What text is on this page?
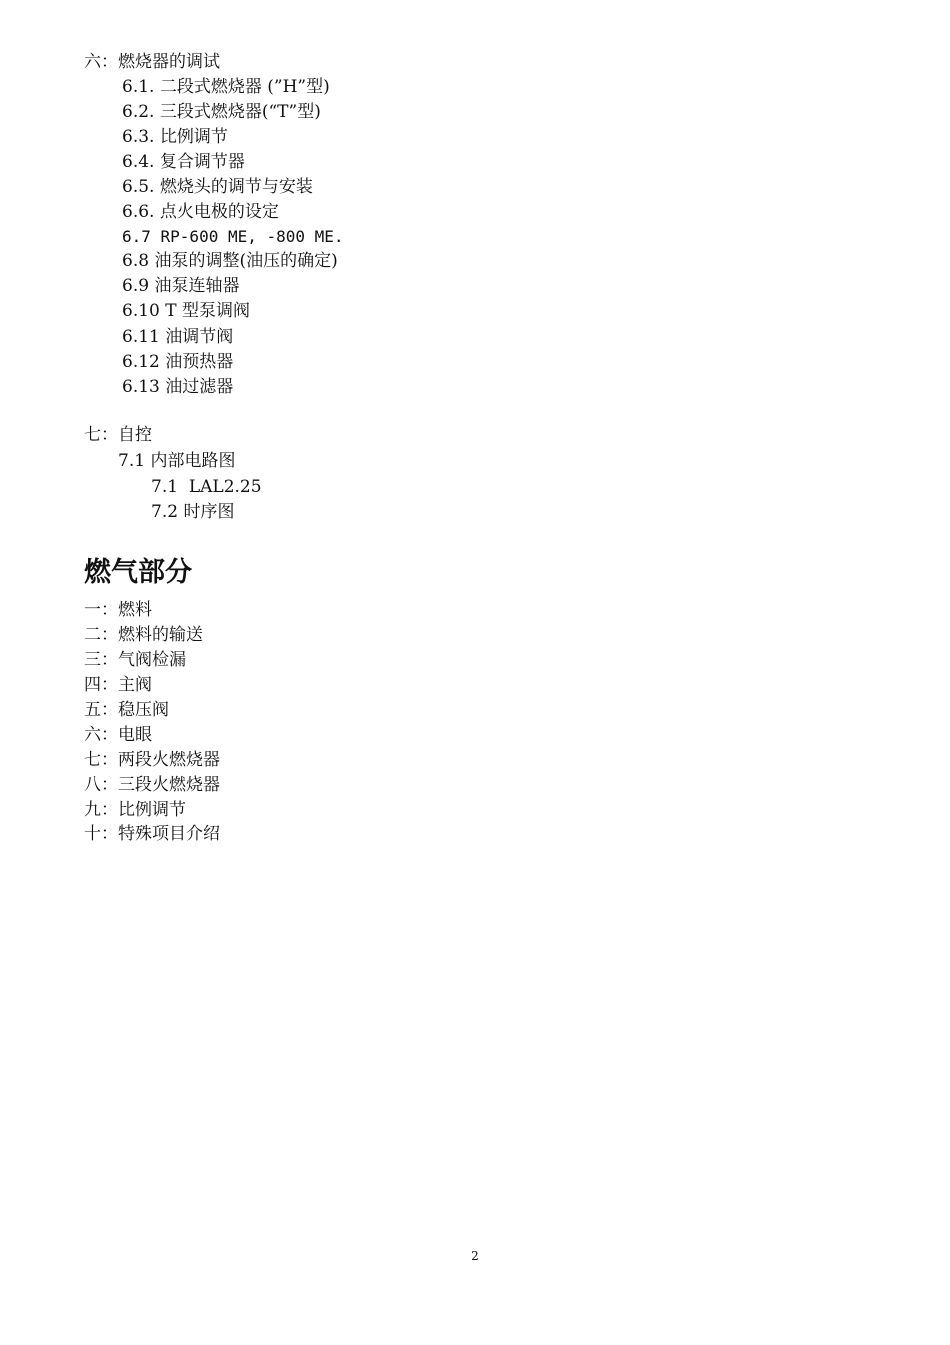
六：燃烧器的调试
6.1. 二段式燃烧器 (”H”型)
6.2. 三段式燃烧器(“T”型)
6.3. 比例调节
6.4. 复合调节器
6.5. 燃烧头的调节与安装
6.6. 点火电极的设定
6.7 RP-600 ME, -800 ME.
6.8 油泵的调整(油压的确定)
6.9 油泵连轴器
6.10 T 型泵调阀
6.11 油调节阀
6.12 油预热器
6.13 油过滤器
七：自控
7.1 内部电路图
7.1  LAL2.25
7.2 时序图
燃气部分
一：燃料
二：燃料的输送
三：气阀检漏
四：主阀
五：稳压阀
六：电眼
七：两段火燃烧器
八：三段火燃烧器
九：比例调节
十：特殊项目介绍
2
